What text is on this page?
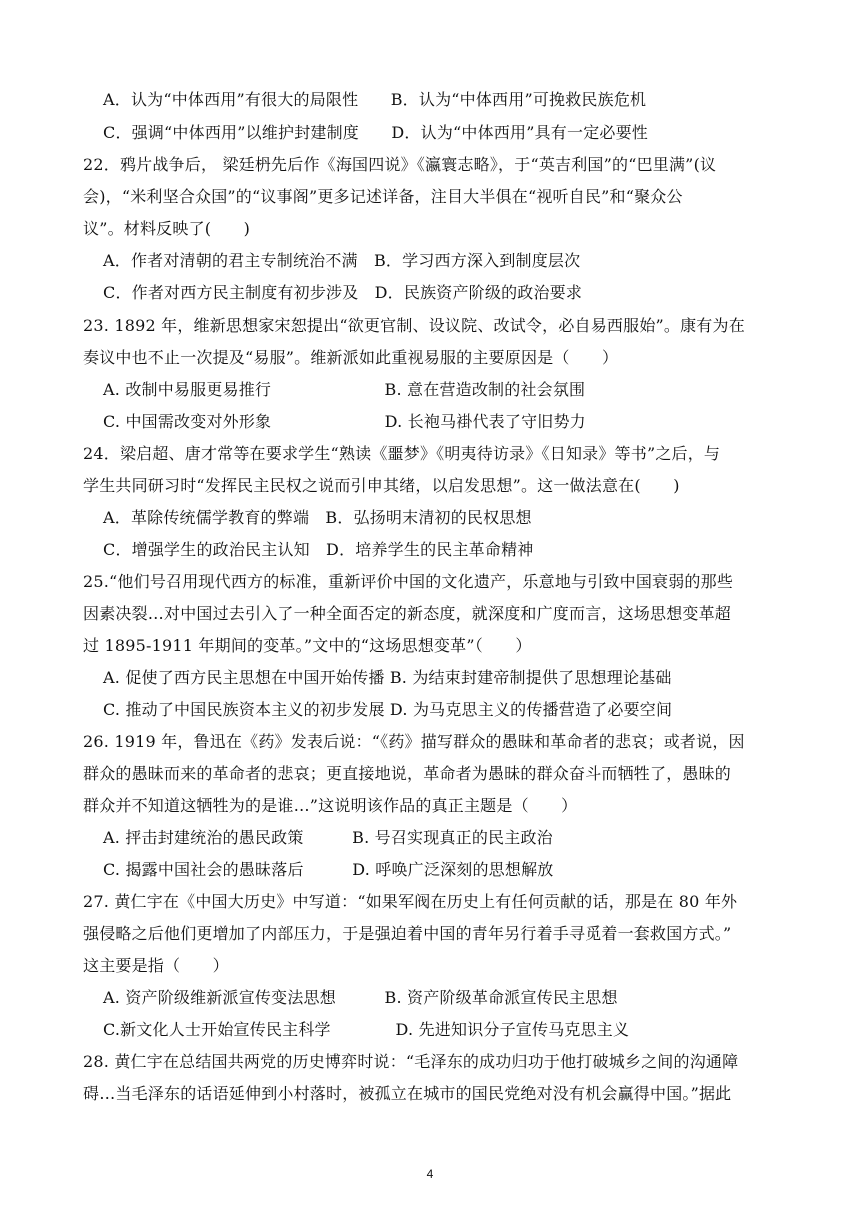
A．认为“中体西用”有很大的局限性　　B．认为“中体西用”可挽救民族危机
C．强调“中体西用”以维护封建制度　　D．认为“中体西用”具有一定必要性
22．鸦片战争后， 梁廷枬先后作《海国四说》《瀛寰志略》，于“英吉利国”的“巴里满”(议
会)，“米利坚合众国”的“议事阁”更多记述详备，注目大半俱在“视听自民”和“聚众公
议”。材料反映了(　　)
A．作者对清朝的君主专制统治不满　B．学习西方深入到制度层次
C．作者对西方民主制度有初步涉及　D．民族资产阶级的政治要求
23. 1892 年，维新思想家宋恕提出“欲更官制、设议院、改试令，必自易西服始”。康有为在
奏议中也不止一次提及“易服”。维新派如此重视易服的主要原因是（　　）
A. 改制中易服更易推行　　　　　　　B. 意在营造改制的社会氛围
C. 中国需改变对外形象　　　　　　　D. 长袍马褂代表了守旧势力
24．梁启超、唐才常等在要求学生“熟读《噩梦》《明夷待访录》《日知录》等书”之后，与
学生共同研习时“发挥民主民权之说而引申其绪，以启发思想”。这一做法意在(　　)
A．革除传统儒学教育的弊端　B．弘扬明末清初的民权思想
C．增强学生的政治民主认知　D．培养学生的民主革命精神
25.“他们号召用现代西方的标准，重新评价中国的文化遗产，乐意地与引致中国衰弱的那些
因素决裂…对中国过去引入了一种全面否定的新态度，就深度和广度而言，这场思想变革超
过 1895-1911 年期间的变革。”文中的“这场思想变革”（　　）
A. 促使了西方民主思想在中国开始传播 B. 为结束封建帝制提供了思想理论基础
C. 推动了中国民族资本主义的初步发展 D. 为马克思主义的传播营造了必要空间
26. 1919 年，鲁迅在《药》发表后说：“《药》描写群众的愚昧和革命者的悲哀；或者说，因
群众的愚昧而来的革命者的悲哀；更直接地说，革命者为愚昧的群众奋斗而牺牲了，愚昧的
群众并不知道这牺牲为的是谁…”这说明该作品的真正主题是（　　）
A. 抨击封建统治的愚民政策　　　B. 号召实现真正的民主政治
C. 揭露中国社会的愚昧落后　　　D. 呼唤广泛深刻的思想解放
27. 黄仁宇在《中国大历史》中写道：“如果军阀在历史上有任何贡献的话，那是在 80 年外
强侵略之后他们更增加了内部压力，于是强迫着中国的青年另行着手寻觅着一套救国方式。”
这主要是指（　　）
A. 资产阶级维新派宣传变法思想　　　B. 资产阶级革命派宣传民主思想
C.新文化人士开始宣传民主科学　　　　D. 先进知识分子宣传马克思主义
28. 黄仁宇在总结国共两党的历史博弈时说：“毛泽东的成功归功于他打破城乡之间的沟通障
碍…当毛泽东的话语延伸到小村落时，被孤立在城市的国民党绝对没有机会赢得中国。”据此
4
